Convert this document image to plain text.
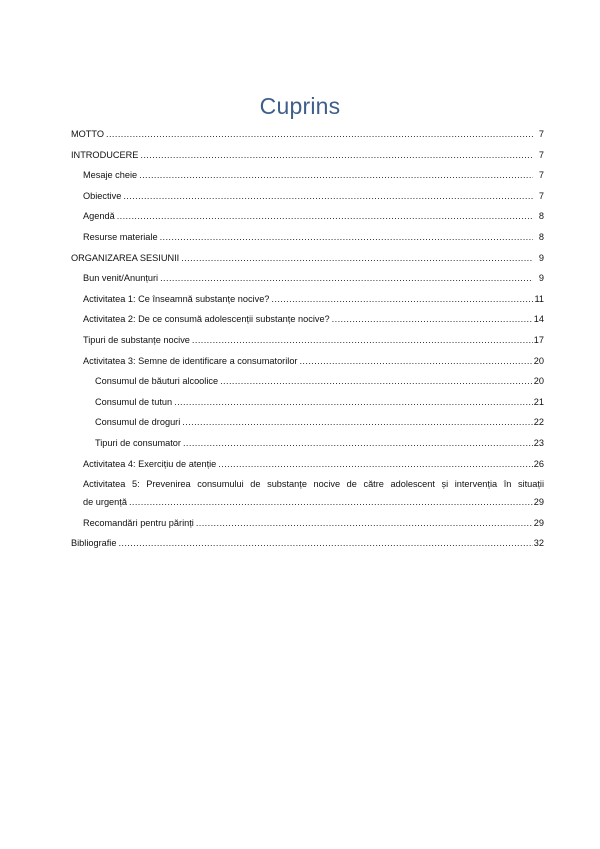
Cuprins
MOTTO .....	7
INTRODUCERE .....	7
Mesaje cheie .....	7
Obiective .....	7
Agendă .....	8
Resurse materiale .....	8
ORGANIZAREA SESIUNII .....	9
Bun venit/Anunțuri .....	9
Activitatea 1: Ce înseamnă substanțe nocive? .....	11
Activitatea 2: De ce consumă adolescenții substanțe nocive? .....	14
Tipuri de substanțe nocive .....	17
Activitatea 3: Semne de identificare a consumatorilor .....	20
Consumul de băuturi alcoolice .....	20
Consumul de tutun .....	21
Consumul de droguri .....	22
Tipuri de consumator .....	23
Activitatea 4: Exercițiu de atenție .....	26
Activitatea 5: Prevenirea consumului de substanțe nocive de către adolescent și intervenția în situații
de urgență .....	29
Recomandări pentru părinți .....	29
Bibliografie .....	32
